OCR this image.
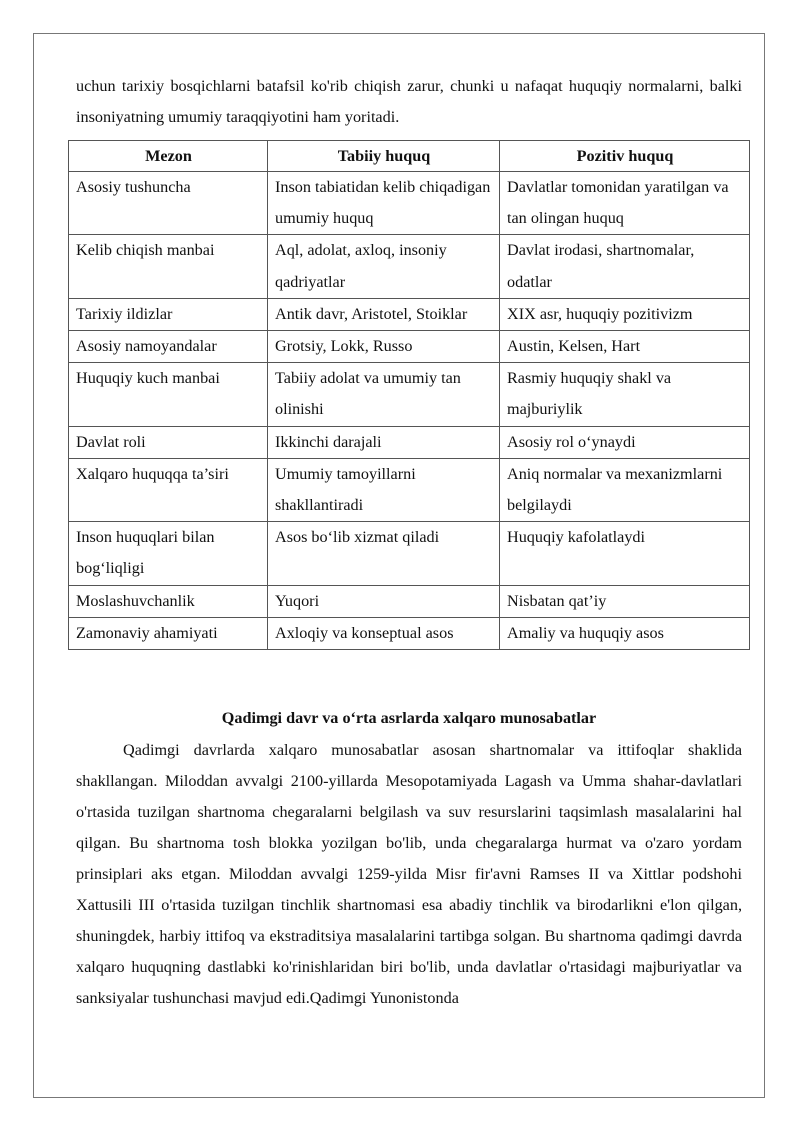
uchun tarixiy bosqichlarni batafsil ko'rib chiqish zarur, chunki u nafaqat huquqiy normalarni, balki insoniyatning umumiy taraqqiyotini ham yoritadi.

Mezon	Tabiiy huquq	Pozitiv huquq
Asosiy tushuncha	Inson tabiatidan kelib chiqadigan umumiy huquq	Davlatlar tomonidan yaratilgan va tan olingan huquq
Kelib chiqish manbai	Aql, adolat, axloq, insoniy qadriyatlar	Davlat irodasi, shartnomalar, odatlar
Tarixiy ildizlar	Antik davr, Aristotel, Stoiklar	XIX asr, huquqiy pozitivizm
Asosiy namoyandalar	Grotsiy, Lokk, Russo	Austin, Kelsen, Hart
Huquqiy kuch manbai	Tabiiy adolat va umumiy tan olinishi	Rasmiy huquqiy shakl va majburiylik
Davlat roli	Ikkinchi darajali	Asosiy rol o‘ynaydi
Xalqaro huquqqa ta’siri	Umumiy tamoyillarni shakllantiradi	Aniq normalar va mexanizmlarni belgilaydi
Inson huquqlari bilan bog‘liqligi	Asos bo‘lib xizmat qiladi	Huquqiy kafolatlaydi
Moslashuvchanlik	Yuqori	Nisbatan qat’iy
Zamonaviy ahamiyati	Axloqiy va konseptual asos	Amaliy va huquqiy asos
Qadimgi davr va o‘rta asrlarda xalqaro munosabatlar

Qadimgi davrlarda xalqaro munosabatlar asosan shartnomalar va ittifoqlar shaklida shakllangan. Miloddan avvalgi 2100-yillarda Mesopotamiyada Lagash va Umma shahar-davlatlari o'rtasida tuzilgan shartnoma chegaralarni belgilash va suv resurslarini taqsimlash masalalarini hal qilgan. Bu shartnoma tosh blokka yozilgan bo'lib, unda chegaralarga hurmat va o'zaro yordam prinsiplari aks etgan. Miloddan avvalgi 1259-yilda Misr fir'avni Ramses II va Xittlar podshohi Xattusili III o'rtasida tuzilgan tinchlik shartnomasi esa abadiy tinchlik va birodarlikni e'lon qilgan, shuningdek, harbiy ittifoq va ekstraditsiya masalalarini tartibga solgan. Bu shartnoma qadimgi davrda xalqaro huquqning dastlabki ko'rinishlaridan biri bo'lib, unda davlatlar o'rtasidagi majburiyatlar va sanksiyalar tushunchasi mavjud edi.Qadimgi Yunonistonda
